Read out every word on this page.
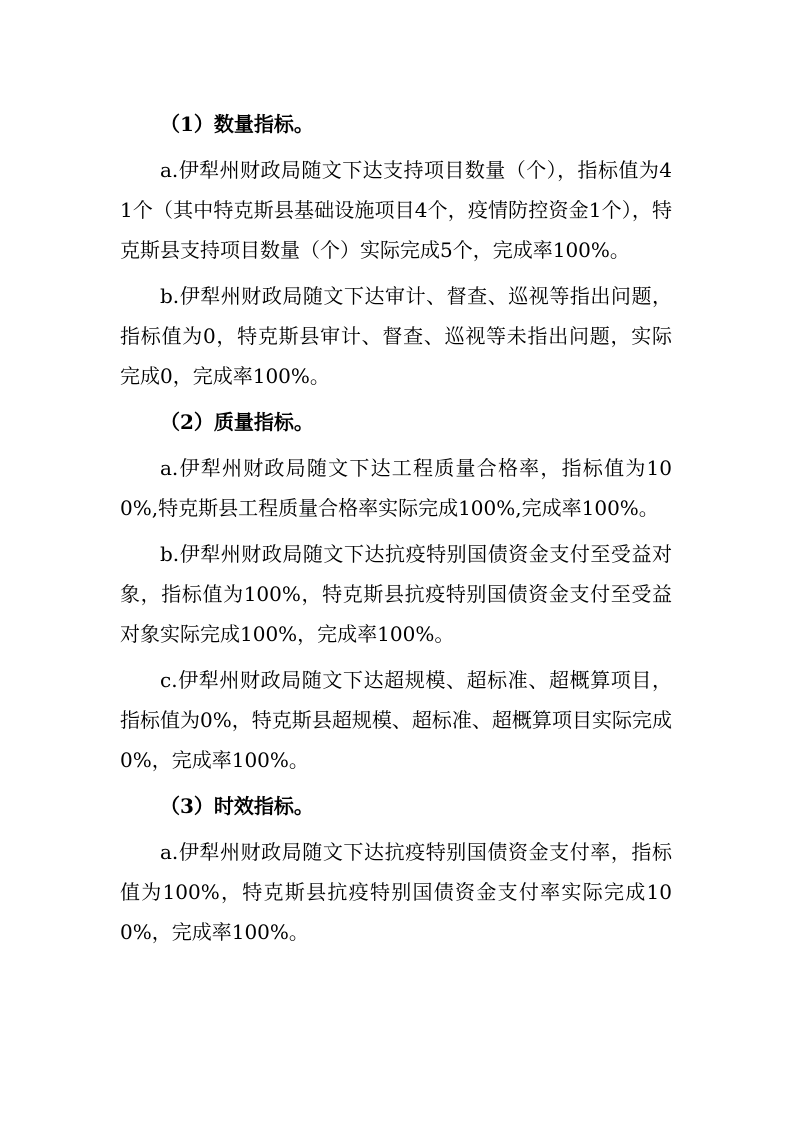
（1）数量指标。

a.伊犁州财政局随文下达支持项目数量（个），指标值为41个（其中特克斯县基础设施项目4个，疫情防控资金1个），特克斯县支持项目数量（个）实际完成5个，完成率100%。

b.伊犁州财政局随文下达审计、督查、巡视等指出问题，指标值为0，特克斯县审计、督查、巡视等未指出问题，实际完成0，完成率100%。

（2）质量指标。

a.伊犁州财政局随文下达工程质量合格率，指标值为100%,特克斯县工程质量合格率实际完成100%,完成率100%。

b.伊犁州财政局随文下达抗疫特别国债资金支付至受益对象，指标值为100%，特克斯县抗疫特别国债资金支付至受益对象实际完成100%，完成率100%。

c.伊犁州财政局随文下达超规模、超标准、超概算项目，指标值为0%，特克斯县超规模、超标准、超概算项目实际完成0%，完成率100%。

（3）时效指标。

a.伊犁州财政局随文下达抗疫特别国债资金支付率，指标值为100%，特克斯县抗疫特别国债资金支付率实际完成100%，完成率100%。
